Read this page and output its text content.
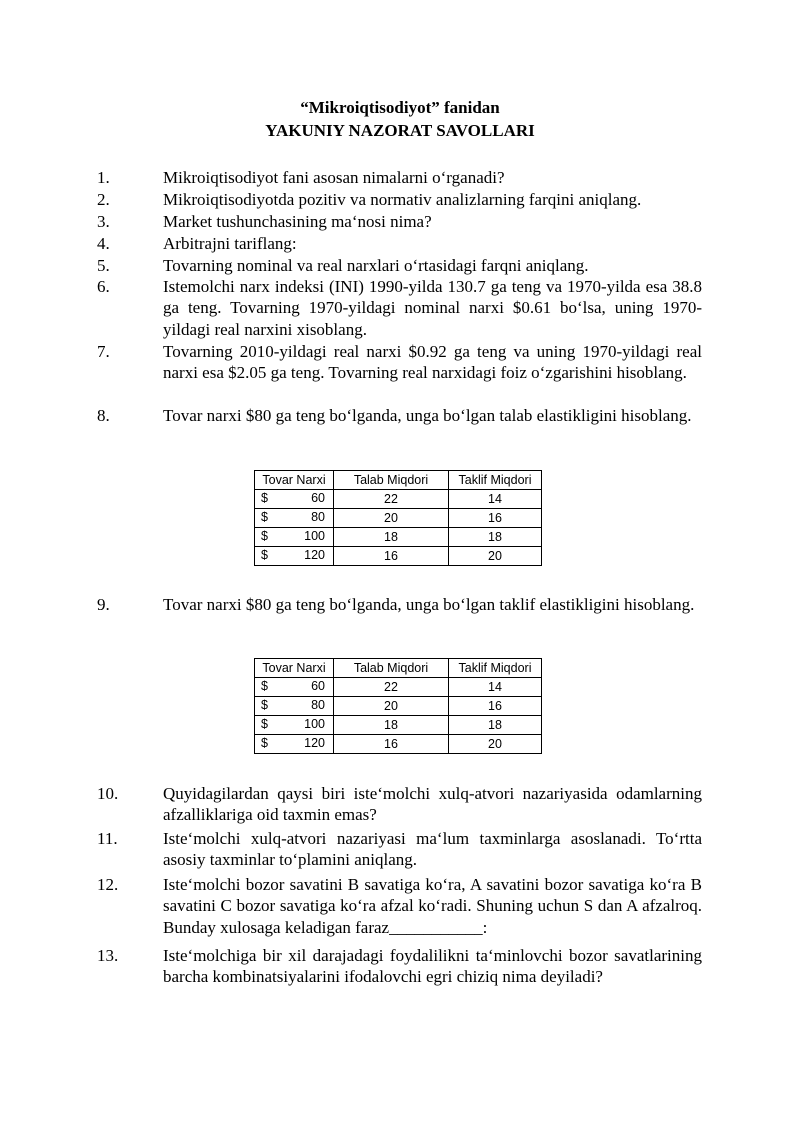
“Mikroiqtisodiyot” fanidan
YAKUNIY NAZORAT SAVOLLARI

1.	Mikroiqtisodiyot fani asosan nimalarni o‘rganadi?

2.	Mikroiqtisodiyotda pozitiv va normativ analizlarning farqini aniqlang.

3.	Market tushunchasining ma‘nosi nima?

4.	Arbitrajni tariflang:

5.	Tovarning nominal va real narxlari o‘rtasidagi farqni aniqlang.

6.	Istemolchi narx indeksi (INI) 1990-yilda 130.7 ga teng va 1970-yilda esa 38.8 ga teng. Tovarning 1970-yildagi nominal narxi $0.61 bo‘lsa, uning 1970-yildagi real narxini xisoblang.

7.	Tovarning 2010-yildagi real narxi $0.92 ga teng va uning 1970-yildagi real narxi esa $2.05 ga teng. Tovarning real narxidagi foiz o‘zgarishini hisoblang.

8.	Tovar narxi $80 ga teng bo‘lganda, unga bo‘lgan talab elastikligini hisoblang.

Tovar Narxi	Talab Miqdori	Taklif Miqdori

$ 60	22	14

$ 80	20	16

$ 100	18	18

$ 120	16	20

9.	Tovar narxi $80 ga teng bo‘lganda, unga bo‘lgan taklif elastikligini hisoblang.

Tovar Narxi	Talab Miqdori	Taklif Miqdori

$ 60	22	14

$ 80	20	16

$ 100	18	18

$ 120	16	20

10.	Quyidagilardan qaysi biri iste‘molchi xulq-atvori nazariyasida odamlarning afzalliklariga oid taxmin emas?

11.	Iste‘molchi xulq-atvori nazariyasi ma‘lum taxminlarga asoslanadi. To‘rtta asosiy taxminlar to‘plamini aniqlang.

12.	Iste‘molchi bozor savatini B savatiga ko‘ra, A savatini bozor savatiga ko‘ra B savatini C bozor savatiga ko‘ra afzal ko‘radi. Shuning uchun S dan A afzalroq. Bunday xulosaga keladigan faraz___________:

13.	Iste‘molchiga bir xil darajadagi foydalilikni ta‘minlovchi bozor savatlarining barcha kombinatsiyalarini ifodalovchi egri chiziq nima deyiladi?
